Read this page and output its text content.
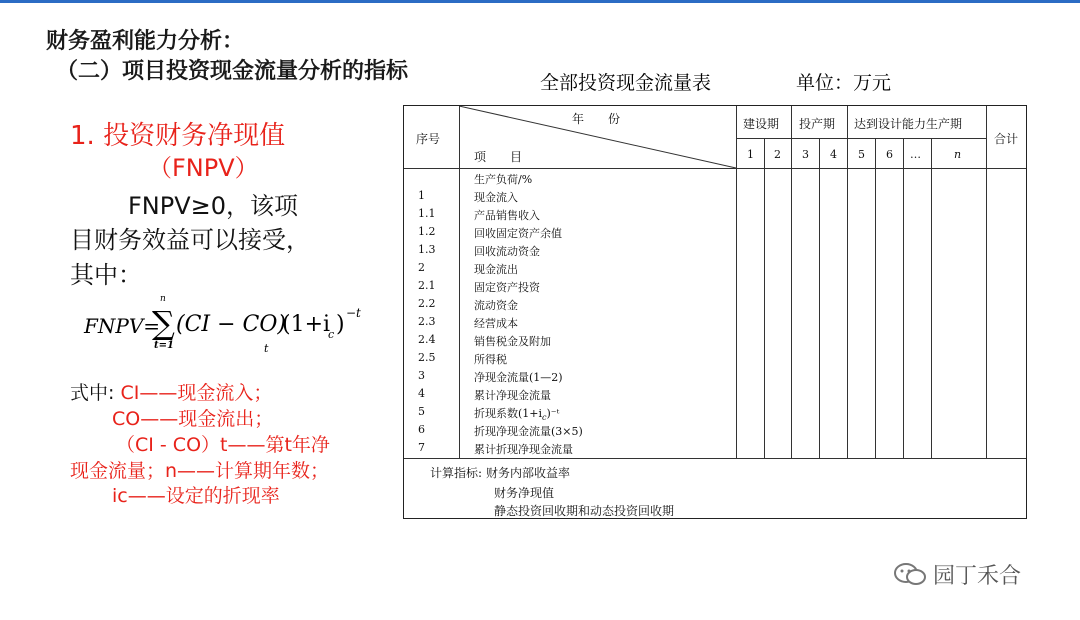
财务盈利能力分析：
（二）项目投资现金流量分析的指标	全部投资现金流量表	单位：万元
1. 投资财务净现值
（FNPV）
FNPV≥0，该项
目财务效益可以接受，
其中：
FNPV=
∑
n
t=1
(CI − CO)
t
(1+i
c ) −t
式中: CI——现金流入；
CO——现金流出；
（CI - CO）t——第t年净
现金流量；n——计算期年数；
ic——设定的折现率
序号
年　　份
项　　目
建设期 投产期 达到设计能力生产期
合计
1 2 3 4 5 6 …	n
生产负荷/%
1	现金流入
1.1	产品销售收入
1.2	回收固定资产余值
1.3	回收流动资金
2	现金流出
2.1	固定资产投资
2.2	流动资金
2.3	经营成本
2.4	销售税金及附加
2.5	所得税
3	净现金流量(1—2)
4	累计净现金流量
5	折现系数$(1+i_c)^-ᵗ$
6	折现净现金流量(3×5)
7	累计折现净现金流量
计算指标: 财务内部收益率
财务净现值
静态投资回收期和动态投资回收期
园丁禾合
